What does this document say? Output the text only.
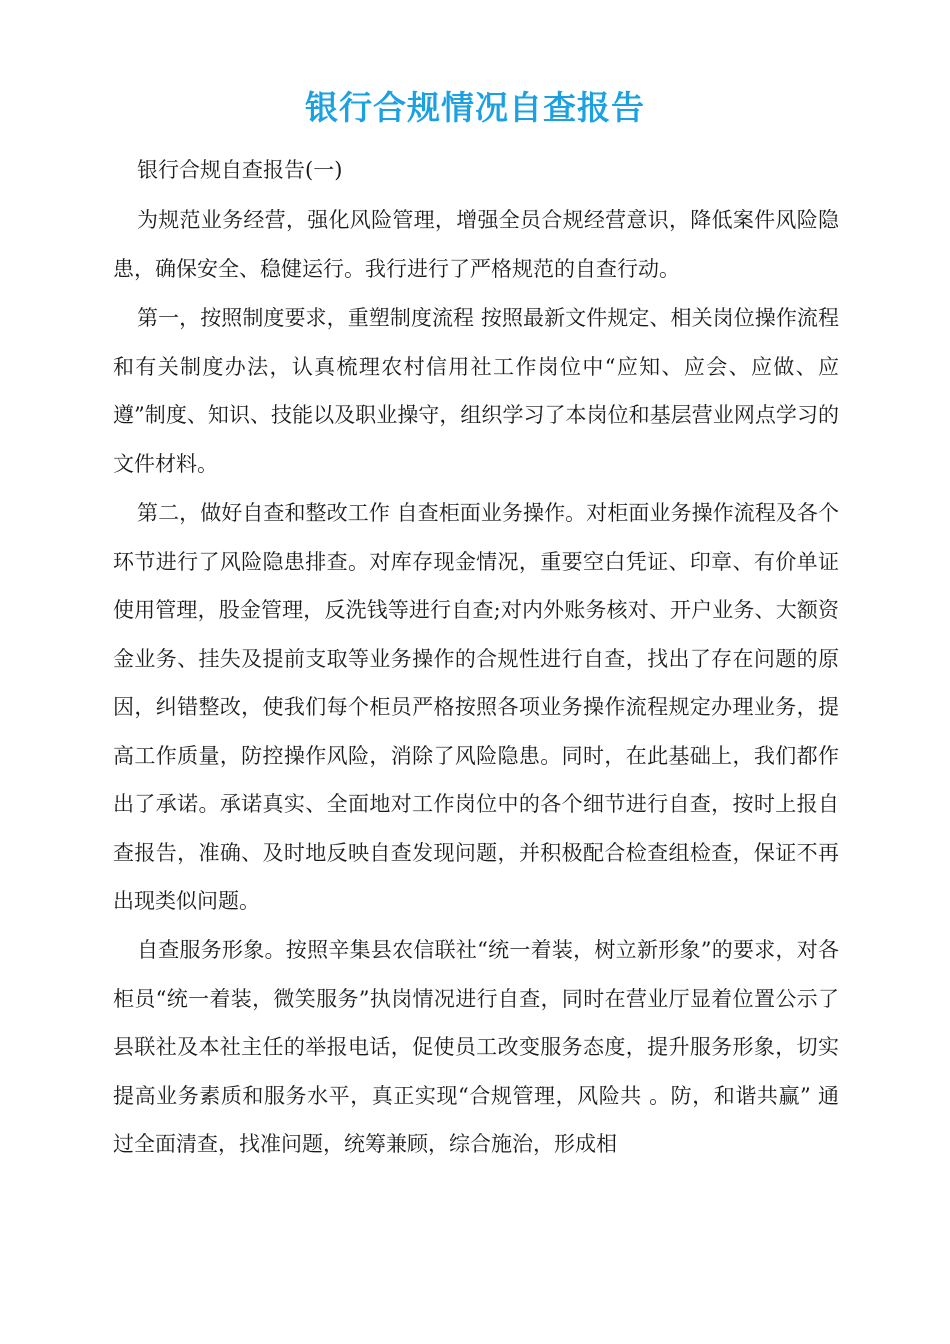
银行合规情况自查报告

银行合规自查报告(一)

为规范业务经营，强化风险管理，增强全员合规经营意识，降低案件风险隐患，确保安全、稳健运行。我行进行了严格规范的自查行动。

第一，按照制度要求，重塑制度流程 按照最新文件规定、相关岗位操作流程和有关制度办法，认真梳理农村信用社工作岗位中“应知、应会、应做、应遵”制度、知识、技能以及职业操守，组织学习了本岗位和基层营业网点学习的文件材料。

第二，做好自查和整改工作 自查柜面业务操作。对柜面业务操作流程及各个环节进行了风险隐患排查。对库存现金情况，重要空白凭证、印章、有价单证使用管理，股金管理，反洗钱等进行自查;对内外账务核对、开户业务、大额资金业务、挂失及提前支取等业务操作的合规性进行自查，找出了存在问题的原因，纠错整改，使我们每个柜员严格按照各项业务操作流程规定办理业务，提高工作质量，防控操作风险，消除了风险隐患。同时，在此基础上，我们都作出了承诺。承诺真实、全面地对工作岗位中的各个细节进行自查，按时上报自查报告，准确、及时地反映自查发现问题，并积极配合检查组检查，保证不再出现类似问题。

自查服务形象。按照辛集县农信联社“统一着装，树立新形象”的要求，对各柜员“统一着装，微笑服务”执岗情况进行自查，同时在营业厅显着位置公示了县联社及本社主任的举报电话，促使员工改变服务态度，提升服务形象，切实提高业务素质和服务水平，真正实现“合规管理，风险共 。防，和谐共赢” 通过全面清查，找准问题，统筹兼顾，综合施治，形成相
